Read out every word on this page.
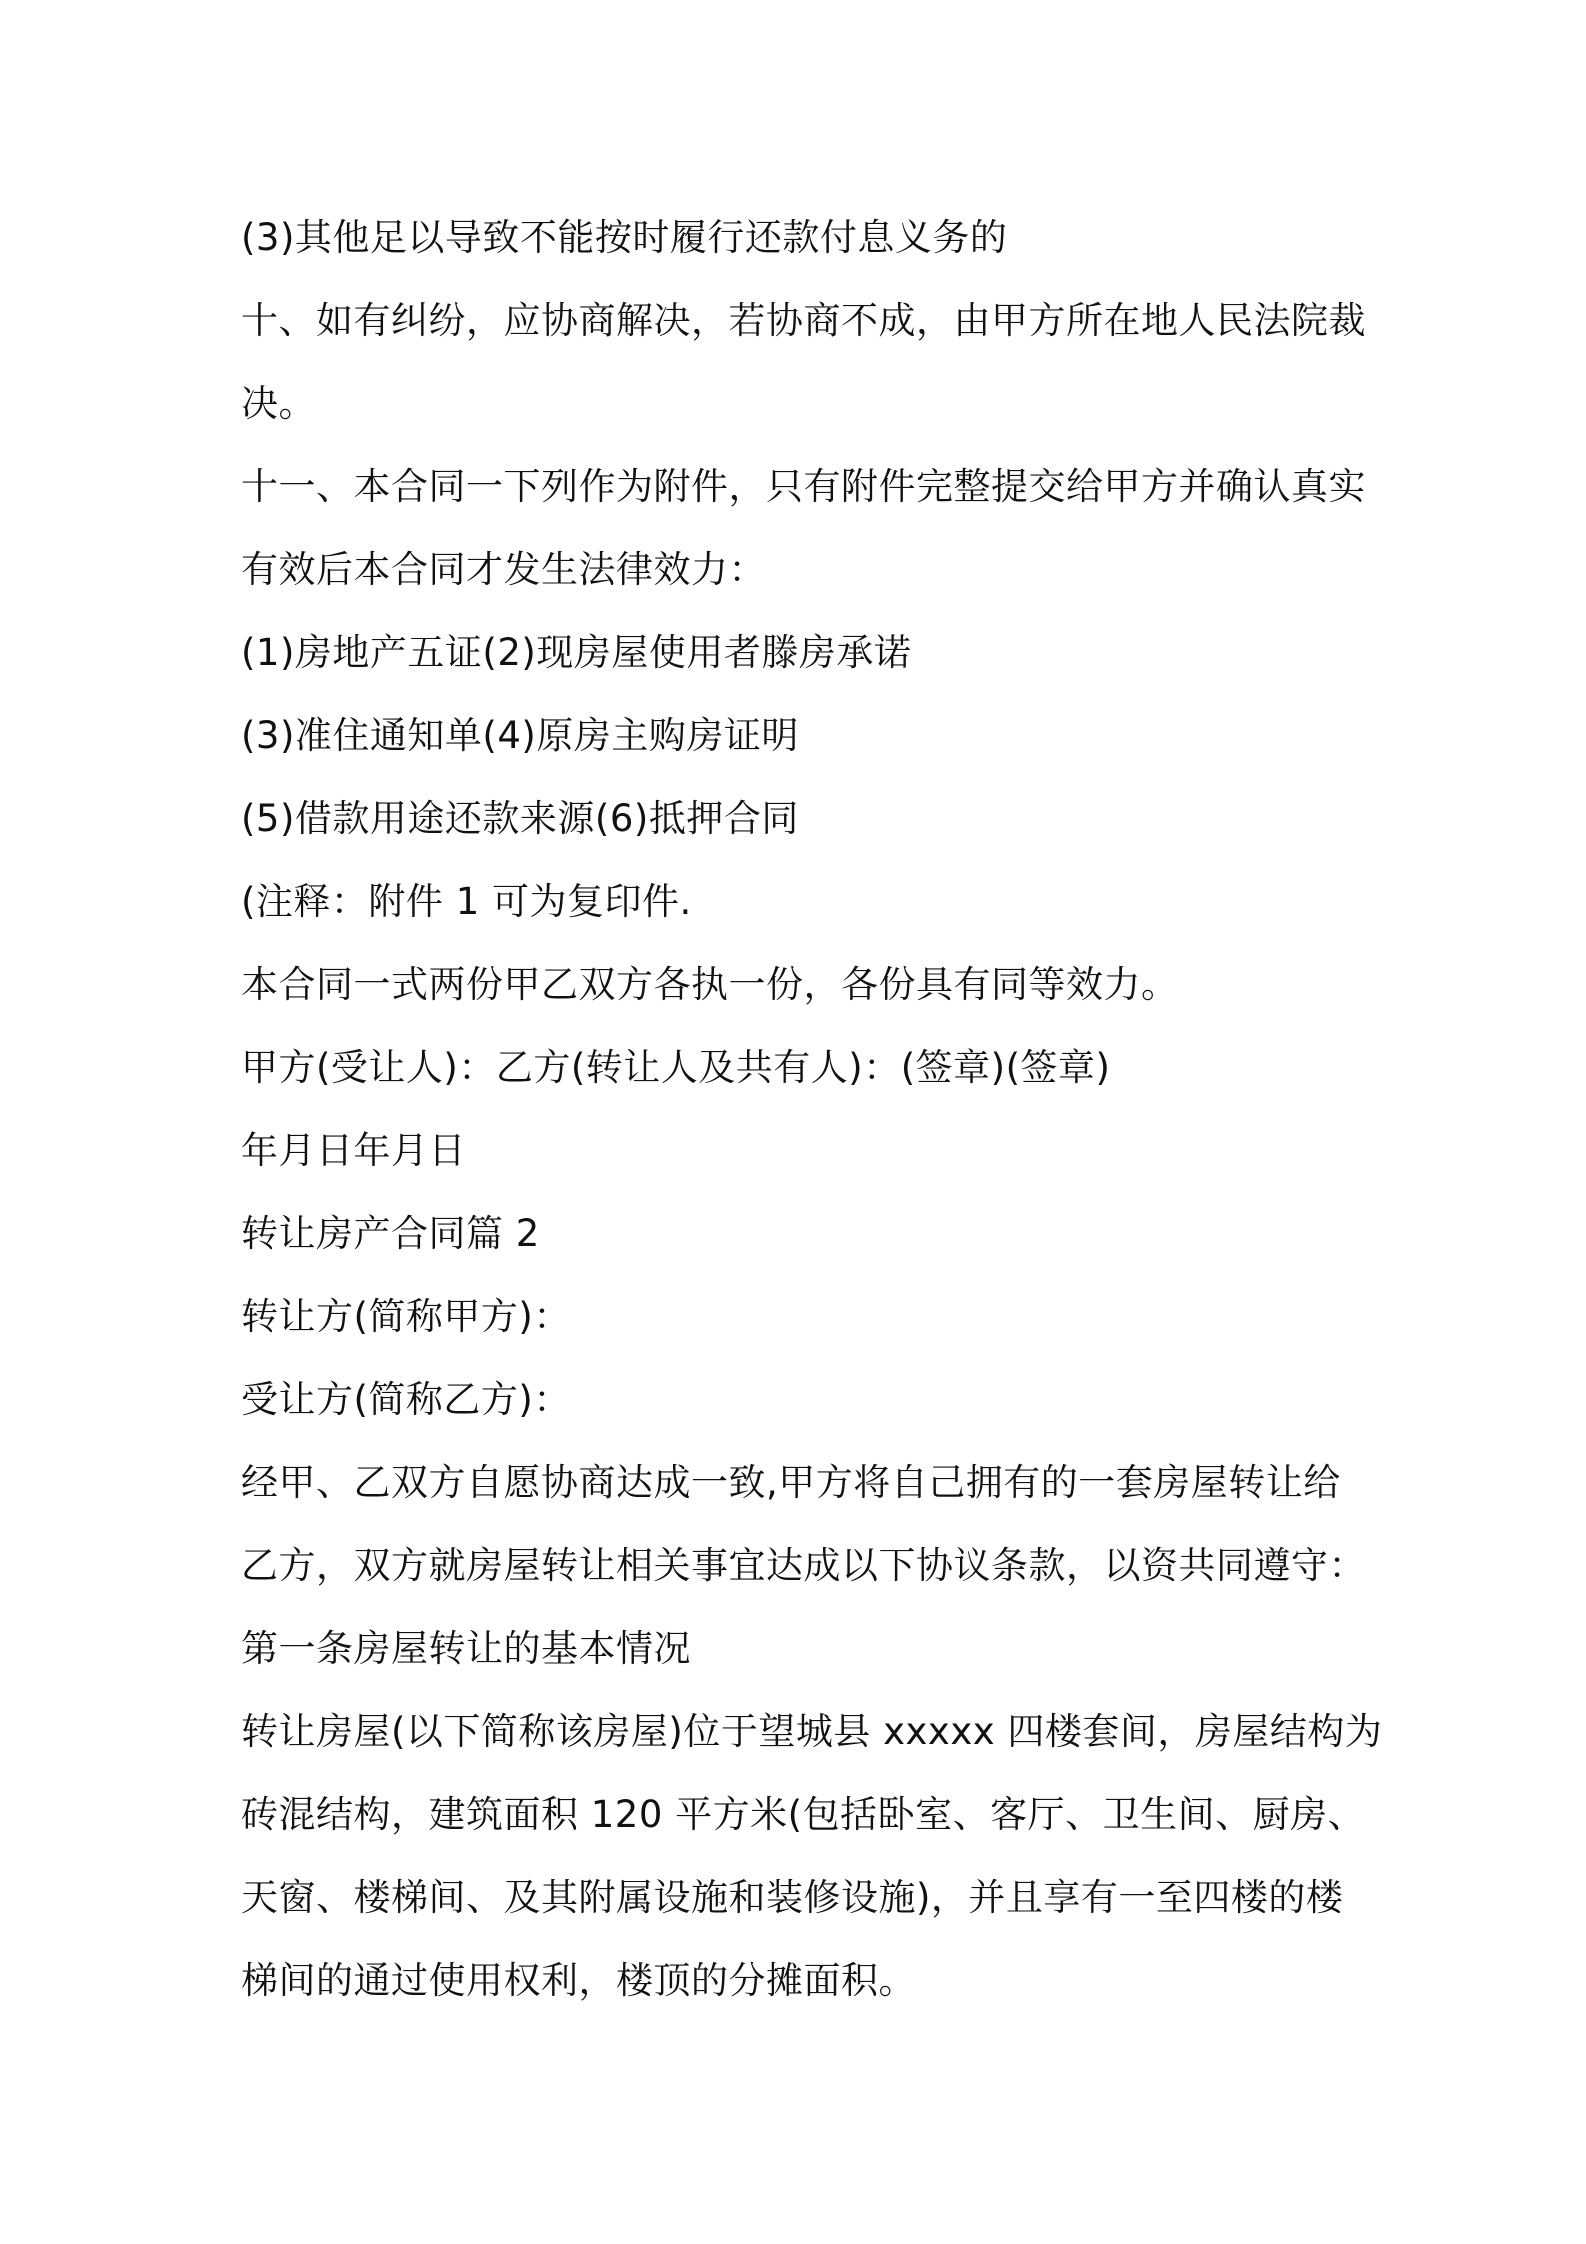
(3)其他足以导致不能按时履行还款付息义务的
十、如有纠纷，应协商解决，若协商不成，由甲方所在地人民法院裁
决。
十一、本合同一下列作为附件，只有附件完整提交给甲方并确认真实
有效后本合同才发生法律效力：
(1)房地产五证(2)现房屋使用者滕房承诺
(3)准住通知单(4)原房主购房证明
(5)借款用途还款来源(6)抵押合同
(注释：附件 1 可为复印件.
本合同一式两份甲乙双方各执一份，各份具有同等效力。
甲方(受让人)：乙方(转让人及共有人)：(签章)(签章)
年月日年月日
转让房产合同篇 2
转让方(简称甲方)：
受让方(简称乙方)：
经甲、乙双方自愿协商达成一致,甲方将自己拥有的一套房屋转让给
乙方，双方就房屋转让相关事宜达成以下协议条款，以资共同遵守：
第一条房屋转让的基本情况
转让房屋(以下简称该房屋)位于望城县 xxxxx 四楼套间，房屋结构为
砖混结构，建筑面积 120 平方米(包括卧室、客厅、卫生间、厨房、
天窗、楼梯间、及其附属设施和装修设施)，并且享有一至四楼的楼
梯间的通过使用权利，楼顶的分摊面积。
